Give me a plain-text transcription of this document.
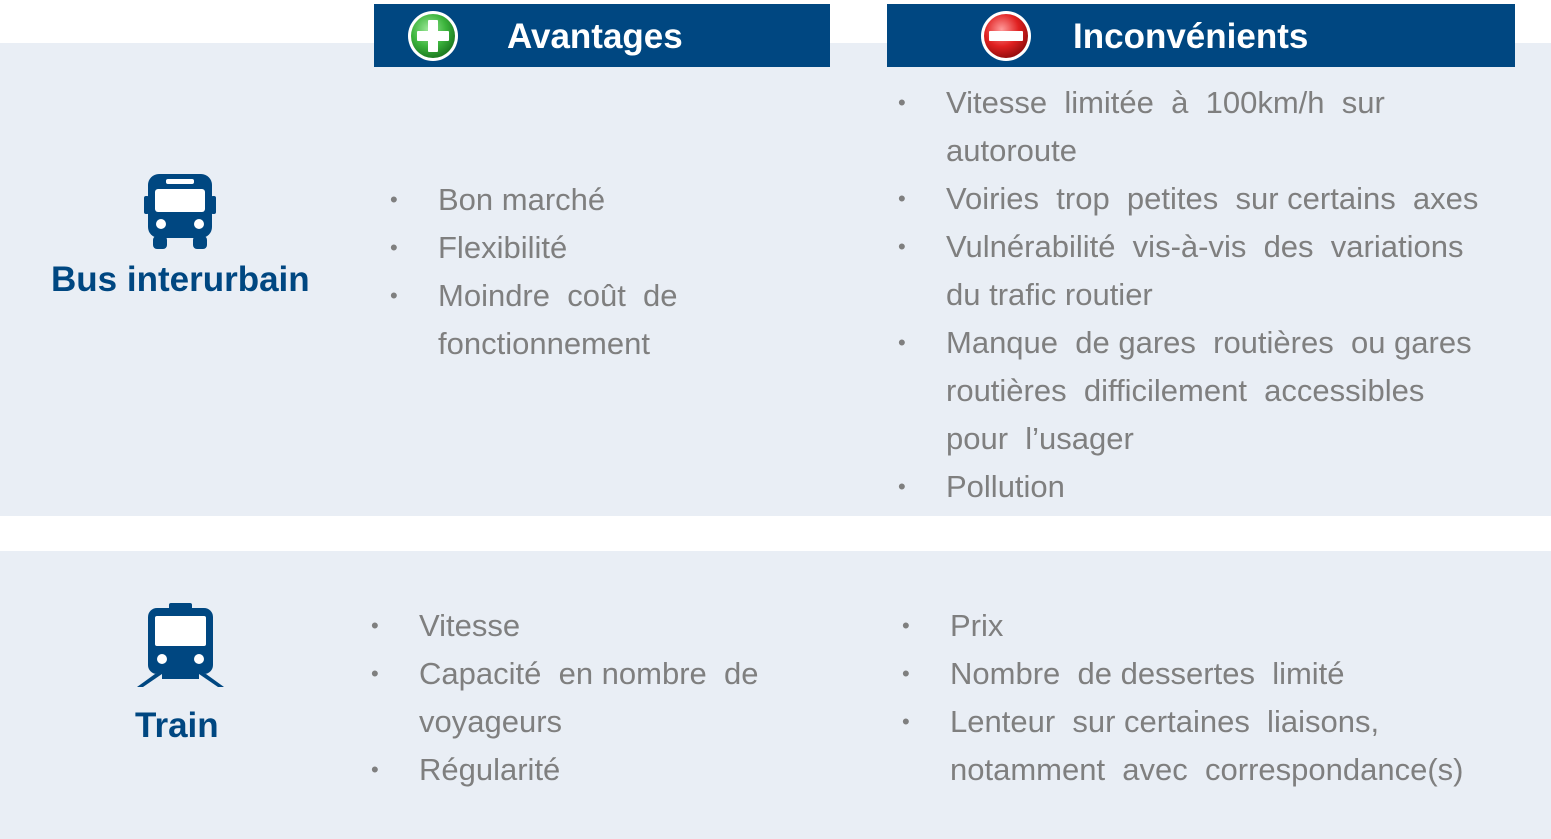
Avantages	Inconvénients
Bus interurbain
• Bon marché
• Flexibilité
• Moindre  coût  de
fonctionnement
• Vitesse  limitée  à  100km/h  sur
autoroute
• Voiries  trop  petites  sur certains  axes
• Vulnérabilité  vis-à-vis  des  variations
du trafic routier
• Manque  de gares  routières  ou gares
routières  difficilement  accessibles
pour  l’usager
• Pollution
Train
• Vitesse
• Capacité  en nombre  de
voyageurs
• Régularité
• Prix
• Nombre  de dessertes  limité
• Lenteur  sur certaines  liaisons,
notamment  avec  correspondance(s)
